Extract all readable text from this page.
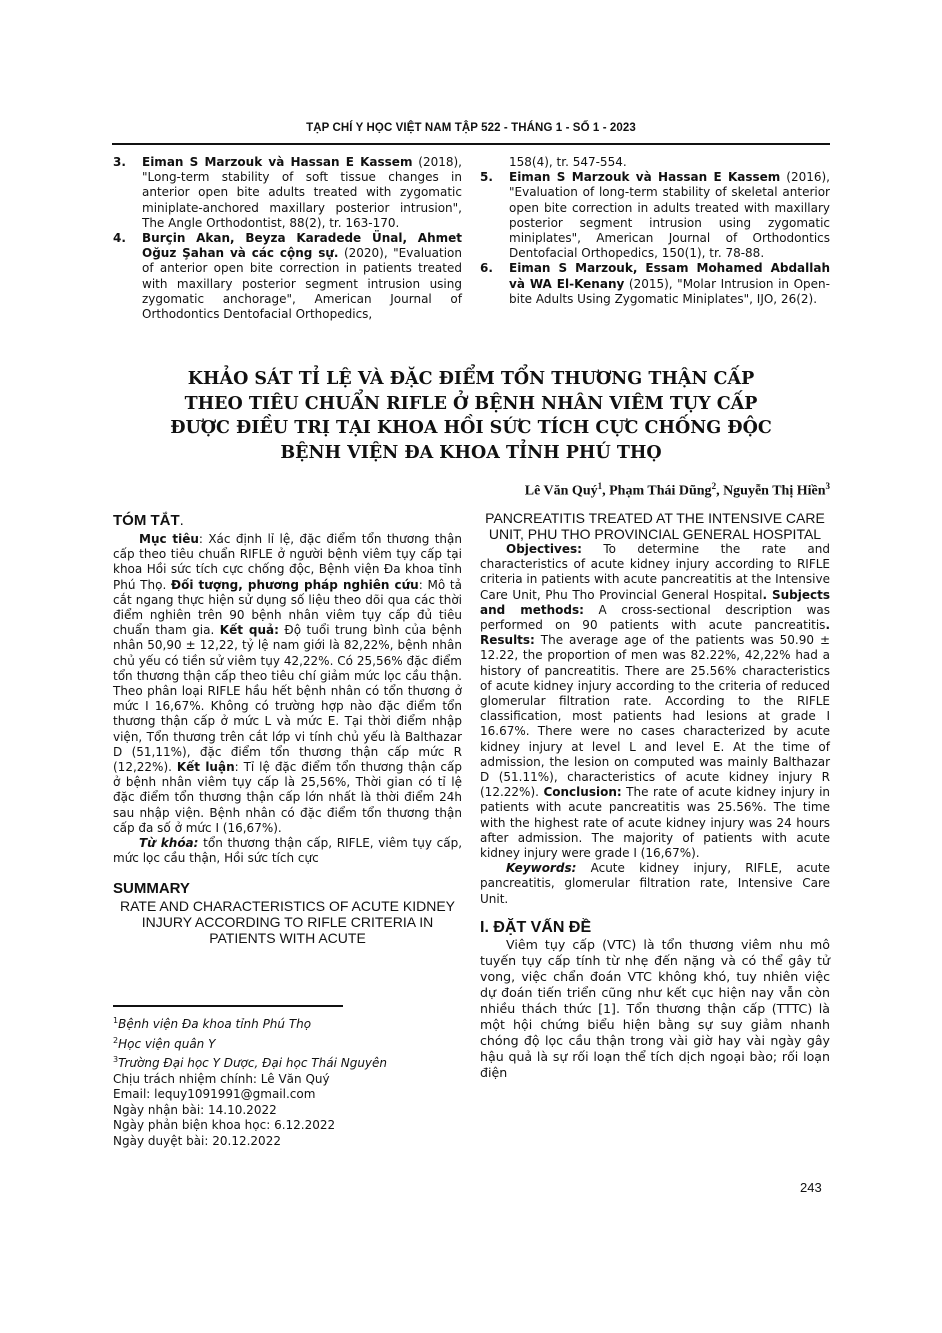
TẠP CHÍ Y HỌC VIỆT NAM TẬP 522 - THÁNG 1 - SỐ 1 - 2023
3. Eiman S Marzouk và Hassan E Kassem (2018), "Long-term stability of soft tissue changes in anterior open bite adults treated with zygomatic miniplate-anchored maxillary posterior intrusion", The Angle Orthodontist, 88(2), tr. 163-170.
4. Burçin Akan, Beyza Karadede Ünal, Ahmet Oğuz Şahan và các cộng sự. (2020), "Evaluation of anterior open bite correction in patients treated with maxillary posterior segment intrusion using zygomatic anchorage", American Journal of Orthodontics Dentofacial Orthopedics,
158(4), tr. 547-554.
5. Eiman S Marzouk và Hassan E Kassem (2016), "Evaluation of long-term stability of skeletal anterior open bite correction in adults treated with maxillary posterior segment intrusion using zygomatic miniplates", American Journal of Orthodontics Dentofacial Orthopedics, 150(1), tr. 78-88.
6. Eiman S Marzouk, Essam Mohamed Abdallah và WA El-Kenany (2015), "Molar Intrusion in Open-bite Adults Using Zygomatic Miniplates", IJO, 26(2).
KHẢO SÁT TỈ LỆ VÀ ĐẶC ĐIỂM TỔN THƯƠNG THẬN CẤP
THEO TIÊU CHUẨN RIFLE Ở BỆNH NHÂN VIÊM TỤY CẤP
ĐƯỢC ĐIỀU TRỊ TẠI KHOA HỒI SỨC TÍCH CỰC CHỐNG ĐỘC
BỆNH VIỆN ĐA KHOA TỈNH PHÚ THỌ
Lê Văn Quý$^1$, Phạm Thái Dũng$^2$, Nguyễn Thị Hiền$^3$
TÓM TẮT.

Mục tiêu: Xác định lỉ lệ, đặc điểm tổn thương thận cấp theo tiêu chuẩn RIFLE ở người bệnh viêm tụy cấp tại khoa Hồi sức tích cực chống độc, Bệnh viện Đa khoa tỉnh Phú Thọ. Đối tượng, phương pháp nghiên cứu: Mô tả cắt ngang thực hiện sử dụng số liệu theo dõi qua các thời điểm nghiên trên 90 bệnh nhân viêm tụy cấp đủ tiêu chuẩn tham gia. Kết quả: Độ tuổi trung bình của bệnh nhân 50,90 ± 12,22, tỷ lệ nam giới là 82,22%, bệnh nhân chủ yếu có tiền sử viêm tụy 42,22%. Có 25,56% đặc điểm tổn thương thận cấp theo tiêu chí giảm mức lọc cầu thận. Theo phân loại RIFLE hầu hết bệnh nhân có tổn thương ở mức I 16,67%. Không có trường hợp nào đặc điểm tổn thương thận cấp ở mức L và mức E. Tại thời điểm nhập viện, Tổn thương trên cắt lớp vi tính chủ yếu là Balthazar D (51,11%), đặc điểm tổn thương thận cấp mức R (12,22%). Kết luận: Tỉ lệ đặc điểm tổn thương thận cấp ở bệnh nhân viêm tụy cấp là 25,56%, Thời gian có tỉ lệ đặc điểm tổn thương thận cấp lớn nhất là thời điểm 24h sau nhập viện. Bệnh nhân có đặc điểm tổn thương thận cấp đa số ở mức I (16,67%).

Từ khóa: tổn thương thận cấp, RIFLE, viêm tụy cấp, mức lọc cầu thận, Hồi sức tích cực

SUMMARY
RATE AND CHARACTERISTICS OF ACUTE KIDNEY INJURY ACCORDING TO RIFLE CRITERIA IN PATIENTS WITH ACUTE
$^1$Bệnh viện Đa khoa tỉnh Phú Thọ
$^2$Học viện quân Y
$^3$Trường Đại học Y Dược, Đại học Thái Nguyên
Chịu trách nhiệm chính: Lê Văn Quý
Email: lequy1091991@gmail.com
Ngày nhận bài: 14.10.2022
Ngày phản biện khoa học: 6.12.2022
Ngày duyệt bài: 20.12.2022
PANCREATITIS TREATED AT THE INTENSIVE CARE UNIT, PHU THO PROVINCIAL GENERAL HOSPITAL

Objectives: To determine the rate and characteristics of acute kidney injury according to RIFLE criteria in patients with acute pancreatitis at the Intensive Care Unit, Phu Tho Provincial General Hospital. Subjects and methods: A cross-sectional description was performed on 90 patients with acute pancreatitis. Results: The average age of the patients was 50.90 ± 12.22, the proportion of men was 82.22%, 42,22% had a history of pancreatitis. There are 25.56% characteristics of acute kidney injury according to the criteria of reduced glomerular filtration rate. According to the RIFLE classification, most patients had lesions at grade I 16.67%. There were no cases characterized by acute kidney injury at level L and level E. At the time of admission, the lesion on computed was mainly Balthazar D (51.11%), characteristics of acute kidney injury R (12.22%). Conclusion: The rate of acute kidney injury in patients with acute pancreatitis was 25.56%. The time with the highest rate of acute kidney injury was 24 hours after admission. The majority of patients with acute kidney injury were grade I (16,67%).

Keywords: Acute kidney injury, RIFLE, acute pancreatitis, glomerular filtration rate, Intensive Care Unit.

I. ĐẶT VẤN ĐỀ

Viêm tụy cấp (VTC) là tổn thương viêm nhu mô tuyến tụy cấp tính từ nhẹ đến nặng và có thể gây tử vong, việc chẩn đoán VTC không khó, tuy nhiên việc dự đoán tiến triển cũng như kết cục hiện nay vẫn còn nhiều thách thức [1]. Tổn thương thận cấp (TTTC) là một hội chứng biểu hiện bằng sự suy giảm nhanh chóng độ lọc cầu thận trong vài giờ hay vài ngày gây hậu quả là sự rối loạn thể tích dịch ngoại bào; rối loạn điện

243
